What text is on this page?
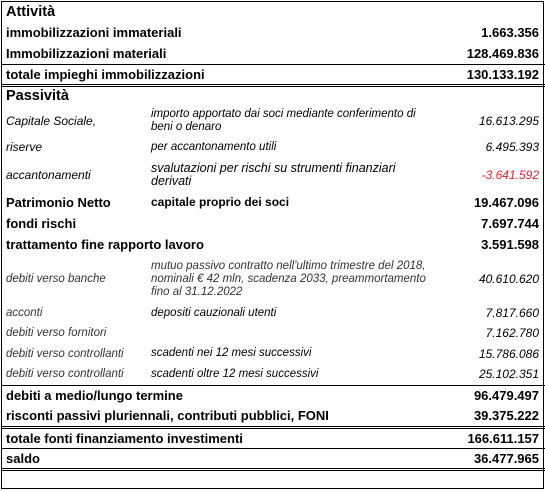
Attività		
immobilizzazioni immateriali		1.663.356
Immobilizzazioni materiali		128.469.836
totale impieghi immobilizzazioni		130.133.192
Passività		
Capitale Sociale,	importo apportato dai soci mediante conferimento di beni o denaro	16.613.295
riserve	per accantonamento utili	6.495.393
accantonamenti	svalutazioni per rischi su strumenti finanziari derivati	-3.641.592
Patrimonio Netto	capitale proprio dei soci	19.467.096
fondi rischi		7.697.744
trattamento fine rapporto lavoro		3.591.598
debiti verso banche	mutuo passivo contratto nell'ultimo trimestre del 2018, nominali € 42 mln, scadenza 2033, preammortamento fino al 31.12.2022	40.610.620
acconti	depositi cauzionali utenti	7.817.660
debiti verso fornitori		7.162.780
debiti verso controllanti	scadenti nei 12 mesi successivi	15.786.086
debiti verso controllanti	scadenti oltre 12 mesi successivi	25.102.351
debiti a medio/lungo termine		96.479.497
risconti passivi pluriennali, contributi pubblici, FONI		39.375.222
totale fonti finanziamento investimenti		166.611.157
saldo		36.477.965
